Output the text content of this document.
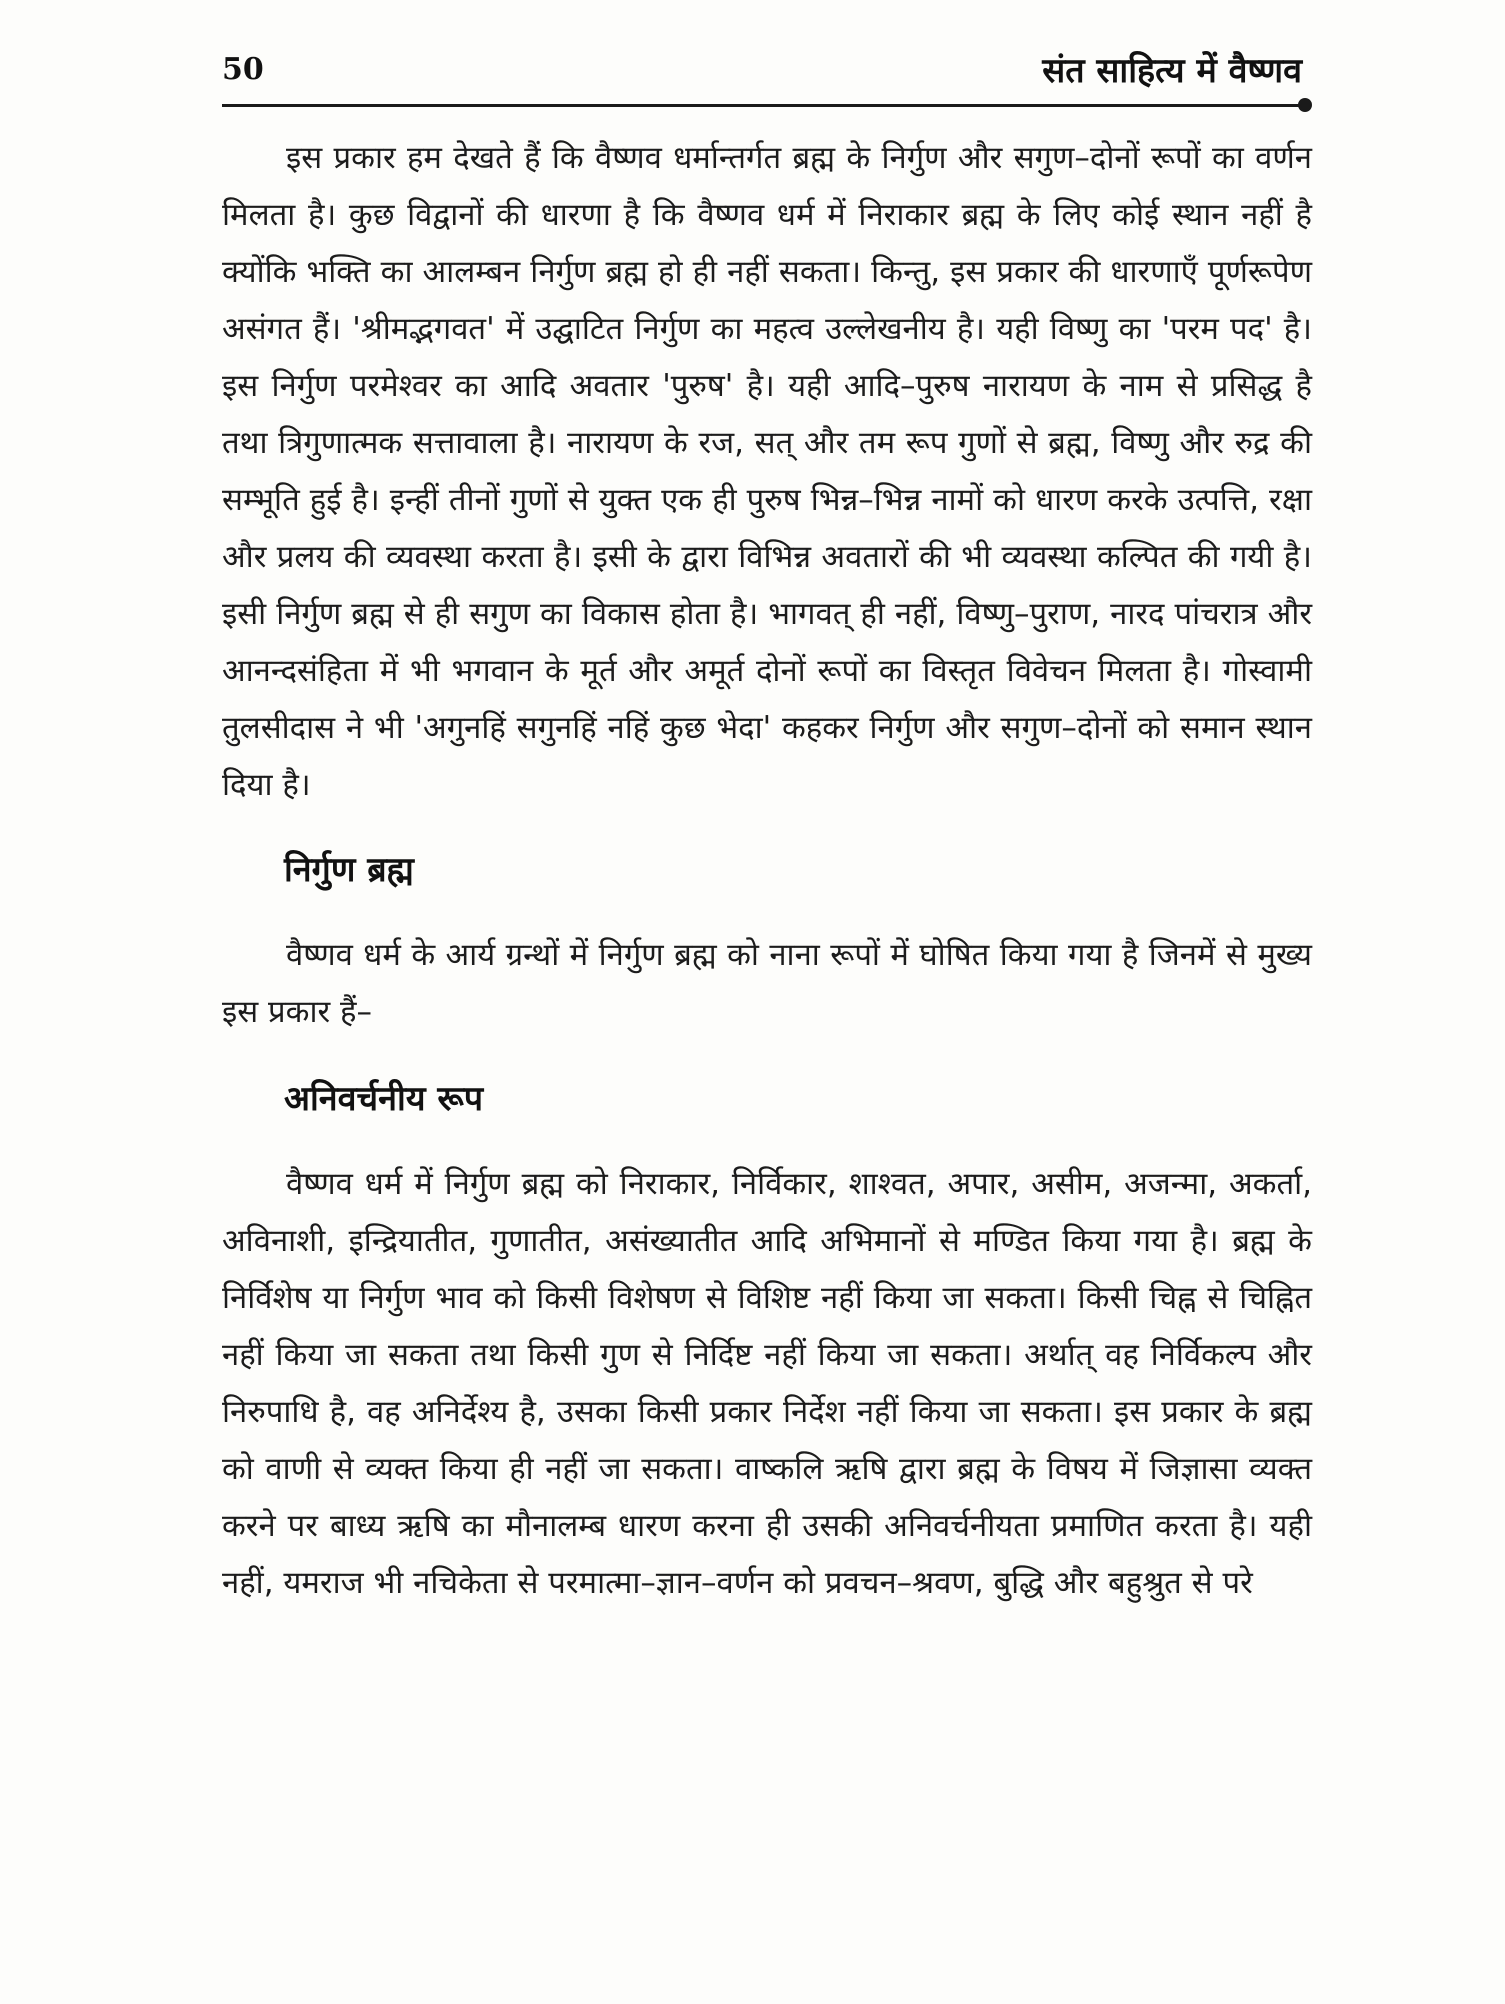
50	संत साहित्य में वैष्णव

इस प्रकार हम देखते हैं कि वैष्णव धर्मान्तर्गत ब्रह्म के निर्गुण और सगुण–दोनों रूपों का वर्णन मिलता है। कुछ विद्वानों की धारणा है कि वैष्णव धर्म में निराकार ब्रह्म के लिए कोई स्थान नहीं है क्योंकि भक्ति का आलम्बन निर्गुण ब्रह्म हो ही नहीं सकता। किन्तु, इस प्रकार की धारणाएँ पूर्णरूपेण असंगत हैं। 'श्रीमद्भगवत' में उद्घाटित निर्गुण का महत्व उल्लेखनीय है। यही विष्णु का 'परम पद' है। इस निर्गुण परमेश्वर का आदि अवतार 'पुरुष' है। यही आदि–पुरुष नारायण के नाम से प्रसिद्ध है तथा त्रिगुणात्मक सत्तावाला है। नारायण के रज, सत् और तम रूप गुणों से ब्रह्म, विष्णु और रुद्र की सम्भूति हुई है। इन्हीं तीनों गुणों से युक्त एक ही पुरुष भिन्न–भिन्न नामों को धारण करके उत्पत्ति, रक्षा और प्रलय की व्यवस्था करता है। इसी के द्वारा विभिन्न अवतारों की भी व्यवस्था कल्पित की गयी है। इसी निर्गुण ब्रह्म से ही सगुण का विकास होता है। भागवत् ही नहीं, विष्णु–पुराण, नारद पांचरात्र और आनन्दसंहिता में भी भगवान के मूर्त और अमूर्त दोनों रूपों का विस्तृत विवेचन मिलता है। गोस्वामी तुलसीदास ने भी 'अगुनहिं सगुनहिं नहिं कुछ भेदा' कहकर निर्गुण और सगुण–दोनों को समान स्थान दिया है।

निर्गुण ब्रह्म

वैष्णव धर्म के आर्य ग्रन्थों में निर्गुण ब्रह्म को नाना रूपों में घोषित किया गया है जिनमें से मुख्य इस प्रकार हैं–

अनिवर्चनीय रूप

वैष्णव धर्म में निर्गुण ब्रह्म को निराकार, निर्विकार, शाश्वत, अपार, असीम, अजन्मा, अकर्ता, अविनाशी, इन्द्रियातीत, गुणातीत, असंख्यातीत आदि अभिमानों से मण्डित किया गया है। ब्रह्म के निर्विशेष या निर्गुण भाव को किसी विशेषण से विशिष्ट नहीं किया जा सकता। किसी चिह्न से चिह्नित नहीं किया जा सकता तथा किसी गुण से निर्दिष्ट नहीं किया जा सकता। अर्थात् वह निर्विकल्प और निरुपाधि है, वह अनिर्देश्य है, उसका किसी प्रकार निर्देश नहीं किया जा सकता। इस प्रकार के ब्रह्म को वाणी से व्यक्त किया ही नहीं जा सकता। वाष्कलि ऋषि द्वारा ब्रह्म के विषय में जिज्ञासा व्यक्त करने पर बाध्य ऋषि का मौनालम्ब धारण करना ही उसकी अनिवर्चनीयता प्रमाणित करता है। यही नहीं, यमराज भी नचिकेता से परमात्मा–ज्ञान–वर्णन को प्रवचन–श्रवण, बुद्धि और बहुश्रुत से परे
